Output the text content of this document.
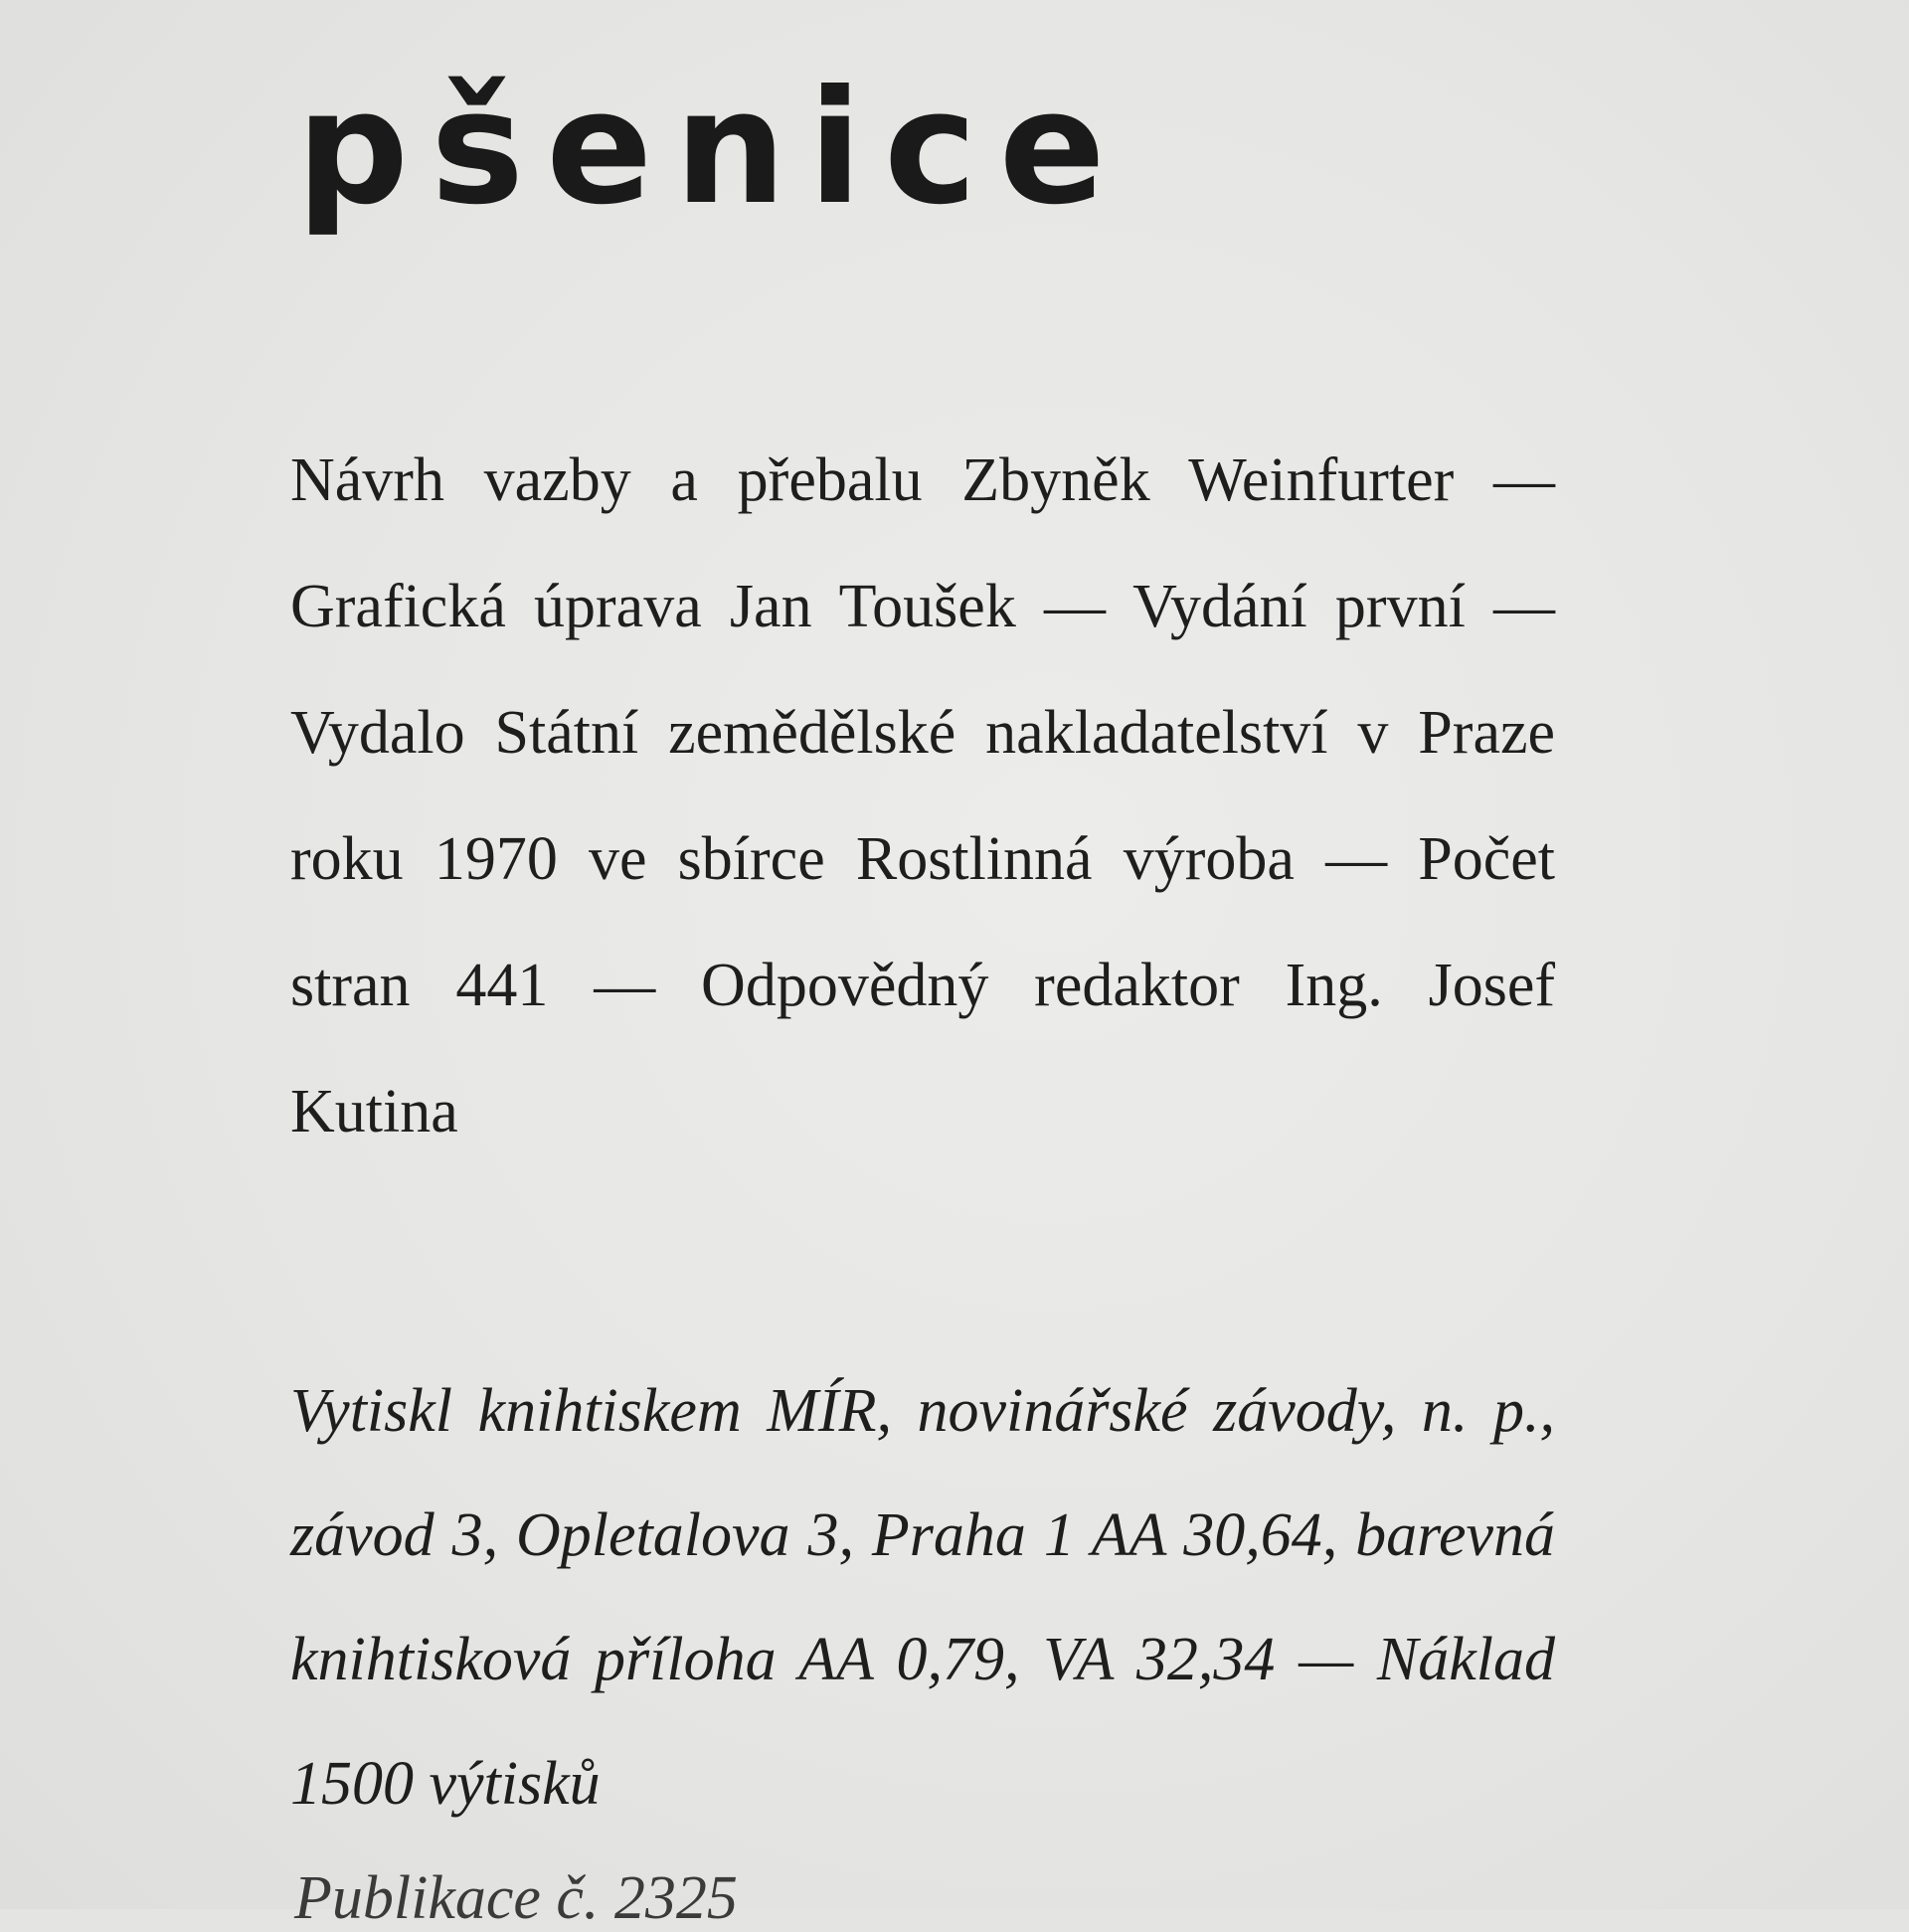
pšenice

Návrh vazby a přebalu Zbyněk Weinfurter — Grafická úprava Jan Toušek — Vydání první — Vydalo Státní zemědělské nakladatelství v Praze roku 1970 ve sbírce Rostlinná výroba — Počet stran 441 — Odpovědný redaktor Ing. Josef Kutina

Vytiskl knihtiskem MÍR, novinářské závody, n. p., závod 3, Opletalova 3, Praha 1 AA 30,64, barevná knihtisková příloha AA 0,79, VA 32,34 — Náklad 1500 výtisků

Publikace č. 2325
